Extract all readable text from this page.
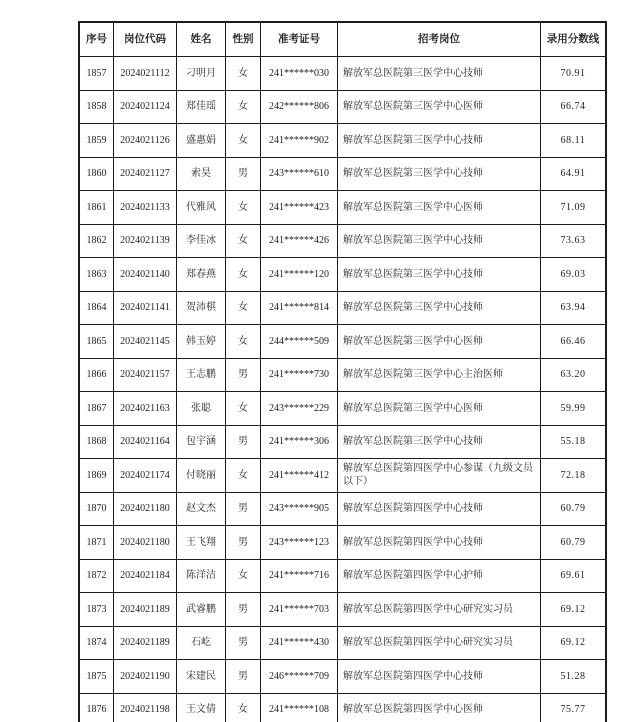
序号	岗位代码	姓名	性别	准考证号	招考岗位	录用分数线
1857	2024021112	刁明月	女	241******030	解放军总医院第三医学中心技师	70.91
1858	2024021124	郑佳瑶	女	242******806	解放军总医院第三医学中心医师	66.74
1859	2024021126	盛惠娟	女	241******902	解放军总医院第三医学中心技师	68.11
1860	2024021127	索昊	男	243******610	解放军总医院第三医学中心技师	64.91
1861	2024021133	代雅风	女	241******423	解放军总医院第三医学中心医师	71.09
1862	2024021139	李佳冰	女	241******426	解放军总医院第三医学中心技师	73.63
1863	2024021140	郑春燕	女	241******120	解放军总医院第三医学中心技师	69.03
1864	2024021141	贺沛棋	女	241******814	解放军总医院第三医学中心技师	63.94
1865	2024021145	韩玉婷	女	244******509	解放军总医院第三医学中心医师	66.46
1866	2024021157	王志鹏	男	241******730	解放军总医院第三医学中心主治医师	63.20
1867	2024021163	张聪	女	243******229	解放军总医院第三医学中心医师	59.99
1868	2024021164	包宇涵	男	241******306	解放军总医院第三医学中心技师	55.18
1869	2024021174	付晓丽	女	241******412	解放军总医院第四医学中心参谋（九级文员以下）	72.18
1870	2024021180	赵文杰	男	243******905	解放军总医院第四医学中心技师	60.79
1871	2024021180	王飞翔	男	243******123	解放军总医院第四医学中心技师	60.79
1872	2024021184	陈洋洁	女	241******716	解放军总医院第四医学中心护师	69.61
1873	2024021189	武睿鹏	男	241******703	解放军总医院第四医学中心研究实习员	69.12
1874	2024021189	石屹	男	241******430	解放军总医院第四医学中心研究实习员	69.12
1875	2024021190	宋建民	男	246******709	解放军总医院第四医学中心技师	51.28
1876	2024021198	王文倩	女	241******108	解放军总医院第四医学中心医师	75.77
